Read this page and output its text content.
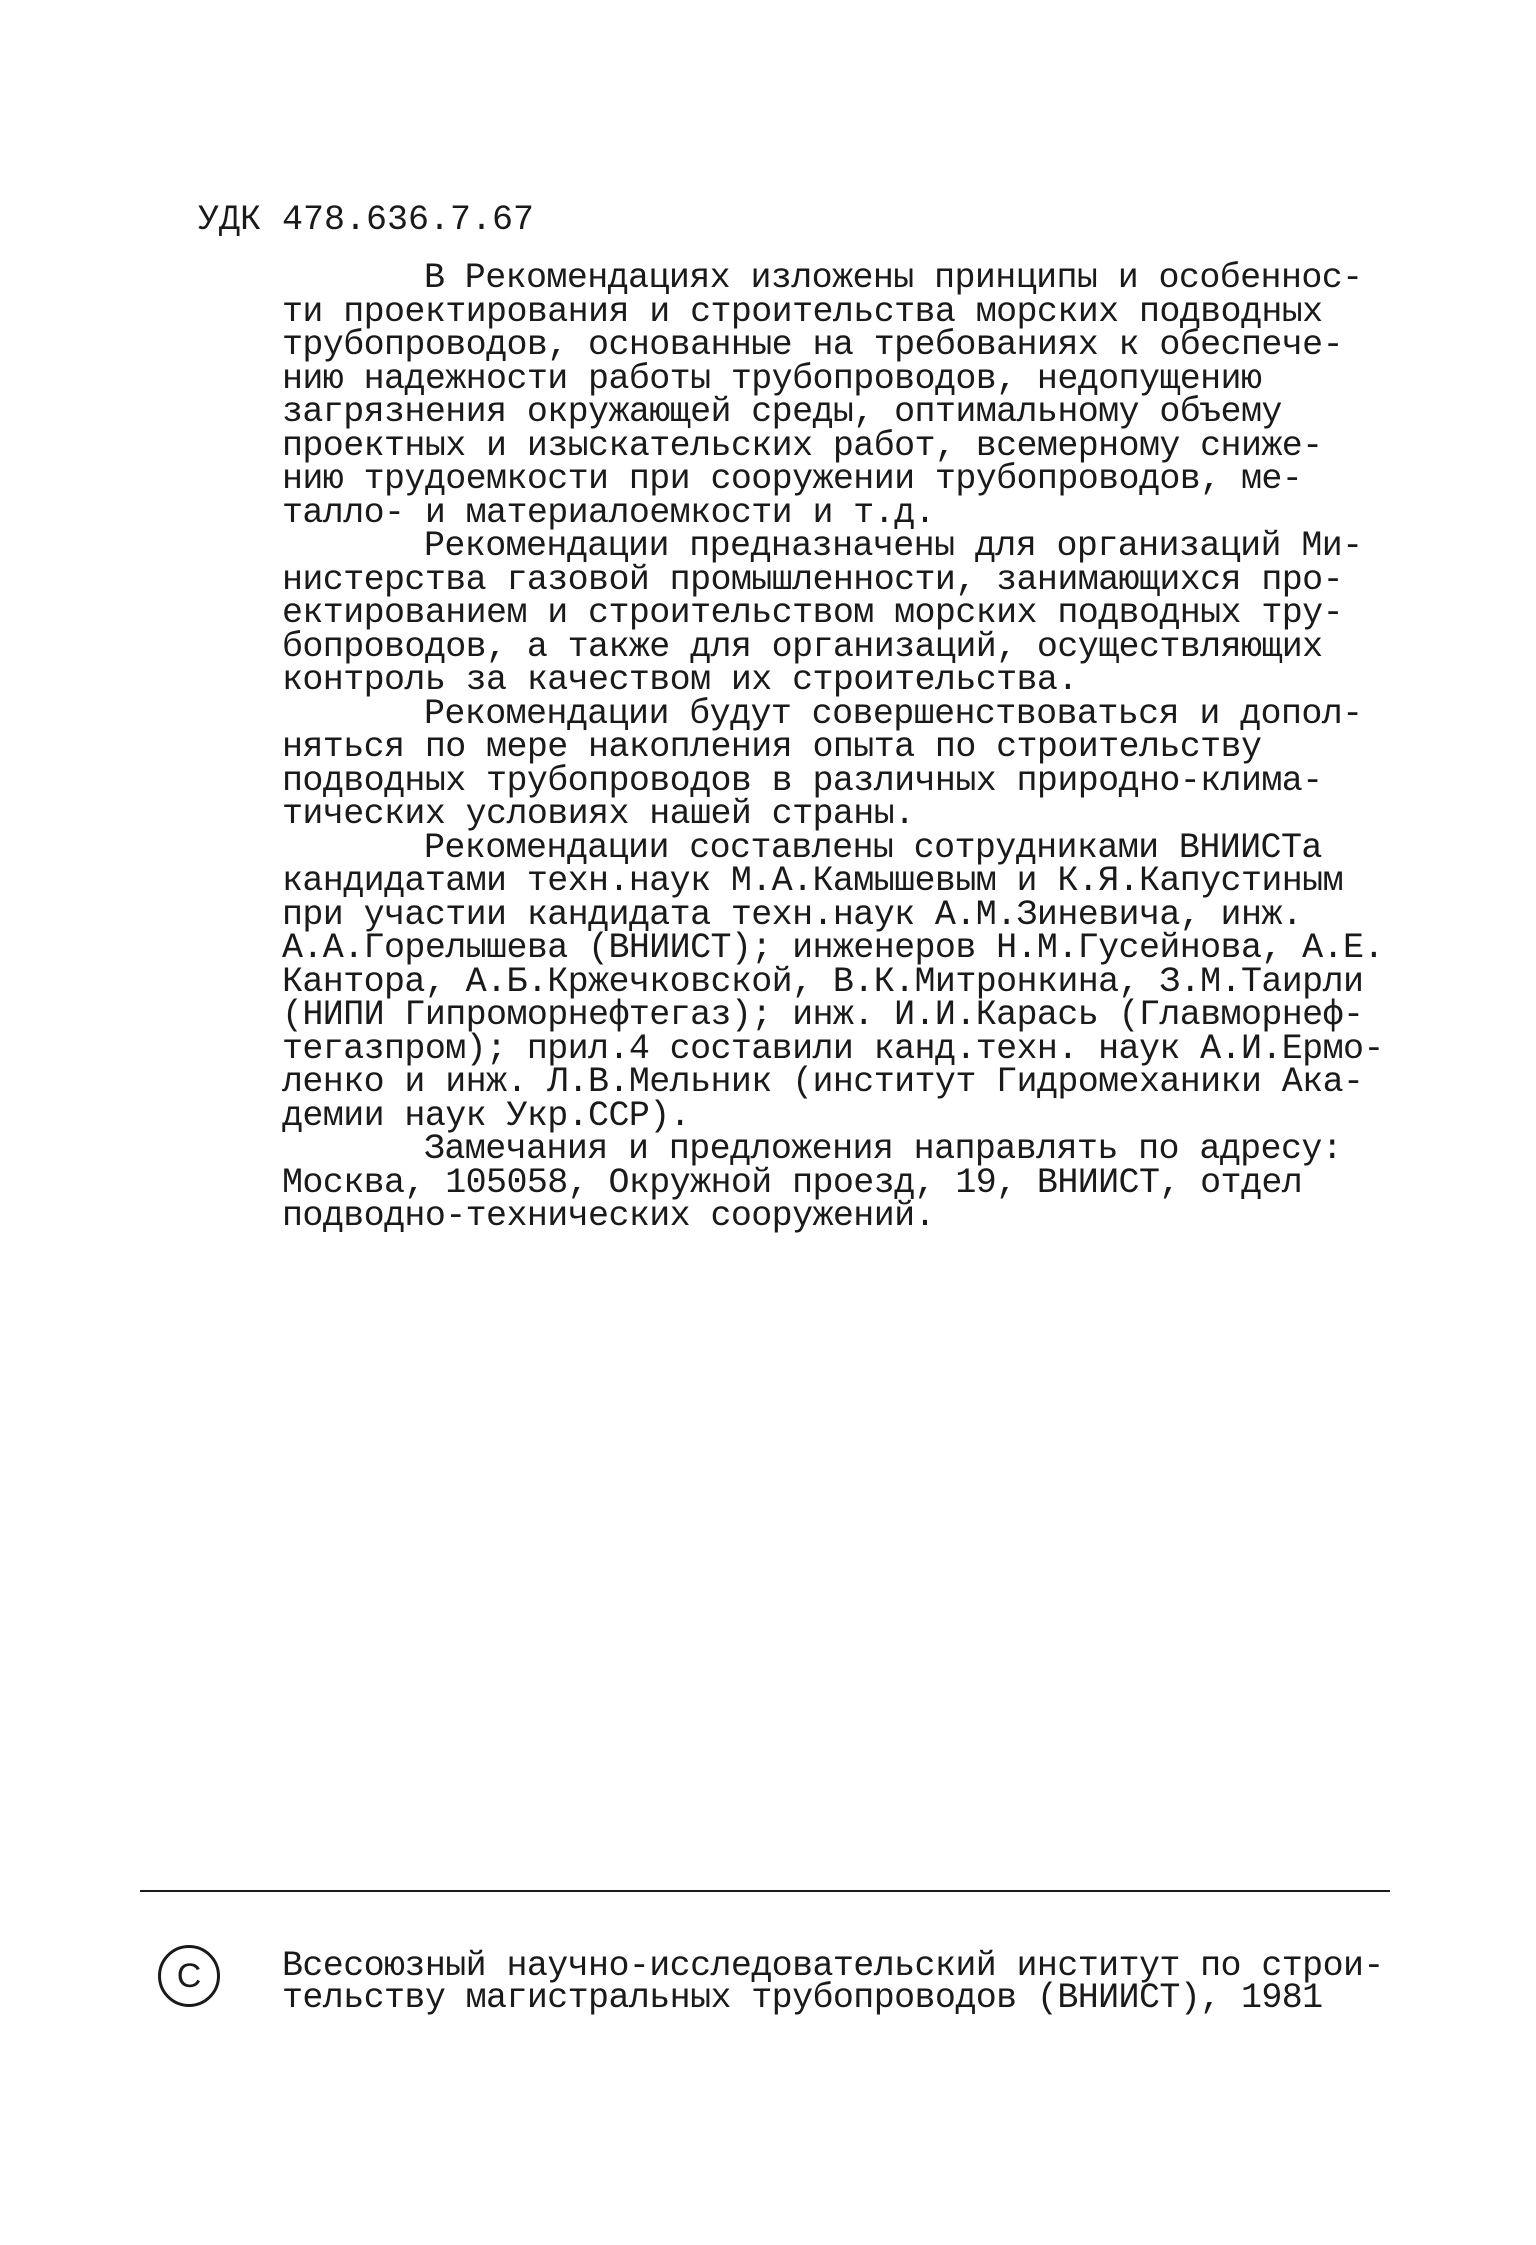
УДК 478.636.7.67
В Рекомендациях изложены принципы и особеннос-
ти проектирования и строительства морских подводных
трубопроводов, основанные на требованиях к обеспече-
нию надежности работы трубопроводов, недопущению
загрязнения окружающей среды, оптимальному объему
проектных и изыскательских работ, всемерному сниже-
нию трудоемкости при сооружении трубопроводов, ме-
талло- и материалоемкости и т.д.
Рекомендации предназначены для организаций Ми-
нистерства газовой промышленности, занимающихся про-
ектированием и строительством морских подводных тру-
бопроводов, а также для организаций, осуществляющих
контроль за качеством их строительства.
Рекомендации будут совершенствоваться и допол-
няться по мере накопления опыта по строительству
подводных трубопроводов в различных природно-клима-
тических условиях нашей страны.
Рекомендации составлены сотрудниками ВНИИСТа
кандидатами техн.наук М.А.Камышевым и К.Я.Капустиным
при участии кандидата техн.наук А.М.Зиневича, инж.
А.А.Горелышева (ВНИИСТ); инженеров Н.М.Гусейнова, А.Е.
Кантора, А.Б.Кржечковской, В.К.Митронкина, З.М.Таирли
(НИПИ Гипроморнефтегаз); инж. И.И.Карась (Главморнеф-
тегазпром); прил.4 составили канд.техн. наук А.И.Ермо-
ленко и инж. Л.В.Мельник (институт Гидромеханики Ака-
демии наук Укр.ССР).
Замечания и предложения направлять по адресу:
Москва, 105058, Окружной проезд, 19, ВНИИСТ, отдел
подводно-технических сооружений.
С Всесоюзный научно-исследовательский институт по строи-
тельству магистральных трубопроводов (ВНИИСТ), 1981
